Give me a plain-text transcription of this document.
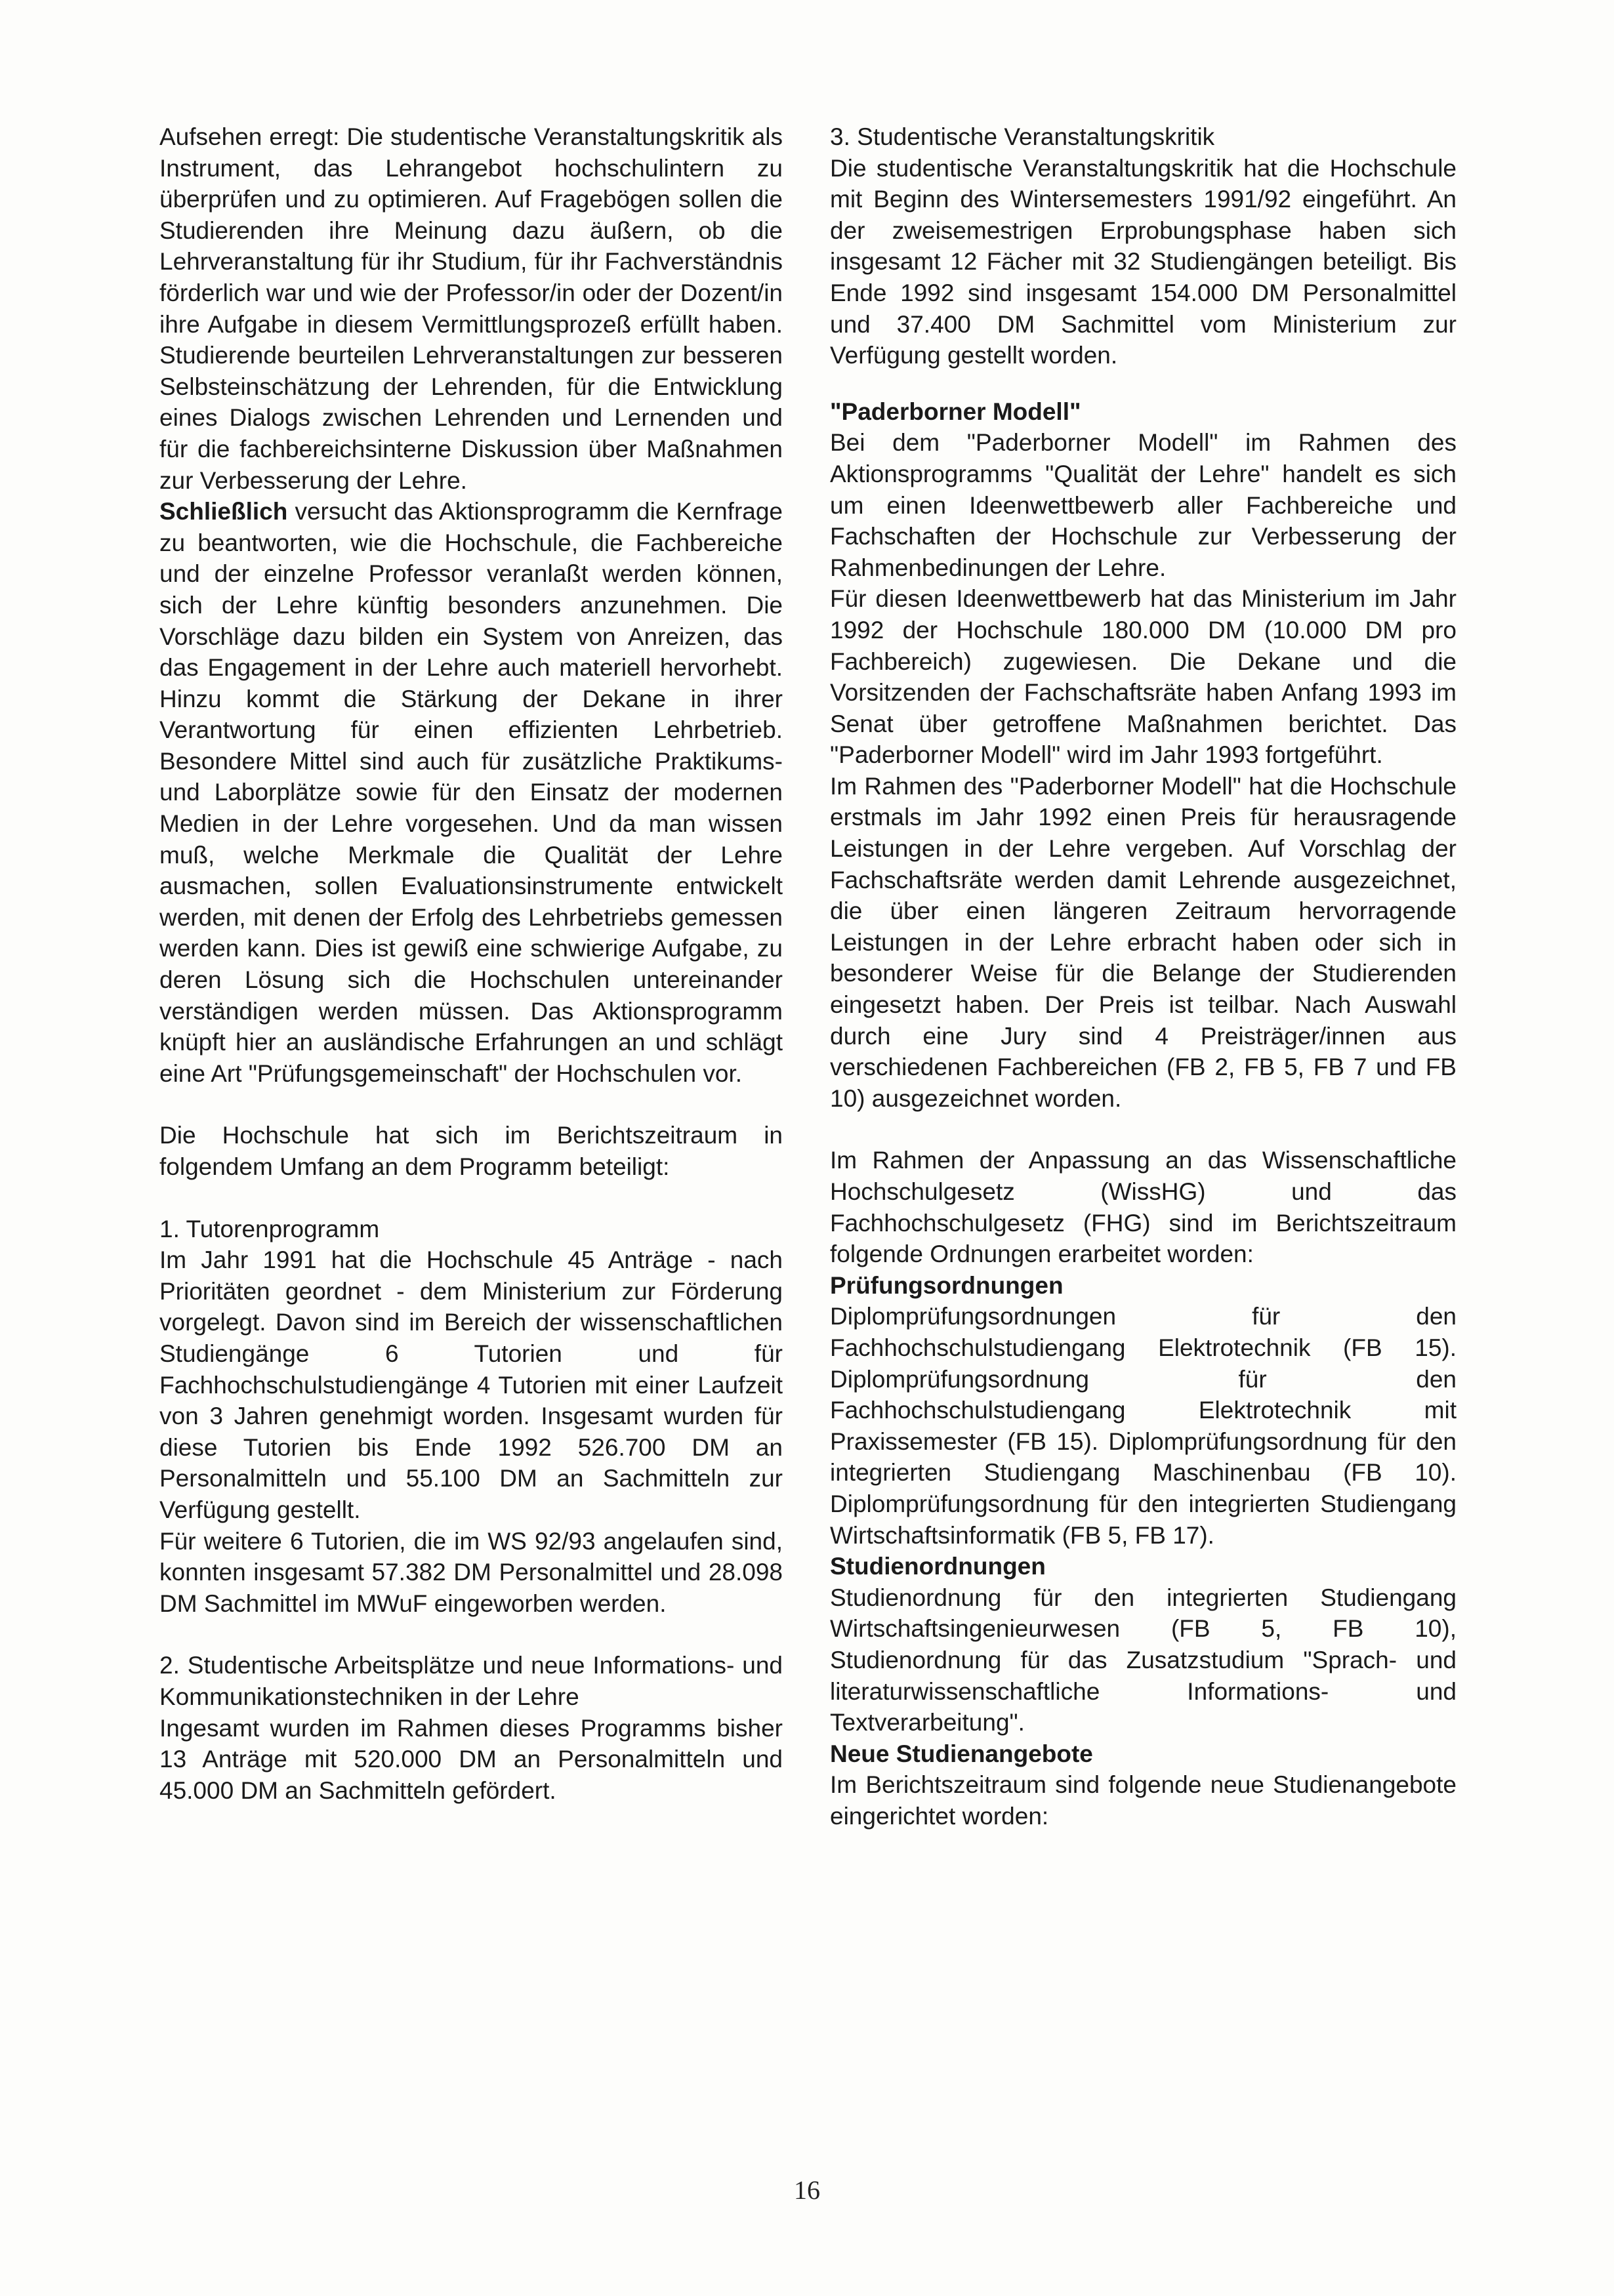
Aufsehen erregt: Die studentische Veranstaltungskritik als Instrument, das Lehrangebot hochschulintern zu überprüfen und zu optimieren. Auf Fragebögen sollen die Studierenden ihre Meinung dazu äußern, ob die Lehrveranstaltung für ihr Studium, für ihr Fachverständnis förderlich war und wie der Professor/in oder der Dozent/in ihre Aufgabe in diesem Vermittlungsprozeß erfüllt haben. Studierende beurteilen Lehrveranstaltungen zur besseren Selbsteinschätzung der Lehrenden, für die Entwicklung eines Dialogs zwischen Lehrenden und Lernenden und für die fachbereichsinterne Diskussion über Maßnahmen zur Verbesserung der Lehre.

Schließlich versucht das Aktionsprogramm die Kernfrage zu beantworten, wie die Hochschule, die Fachbereiche und der einzelne Professor veranlaßt werden können, sich der Lehre künftig besonders anzunehmen. Die Vorschläge dazu bilden ein System von Anreizen, das das Engagement in der Lehre auch materiell hervorhebt. Hinzu kommt die Stärkung der Dekane in ihrer Verantwortung für einen effizienten Lehrbetrieb. Besondere Mittel sind auch für zusätzliche Praktikums- und Laborplätze sowie für den Einsatz der modernen Medien in der Lehre vorgesehen. Und da man wissen muß, welche Merkmale die Qualität der Lehre ausmachen, sollen Evaluationsinstrumente entwickelt werden, mit denen der Erfolg des Lehrbetriebs gemessen werden kann. Dies ist gewiß eine schwierige Aufgabe, zu deren Lösung sich die Hochschulen untereinander verständigen werden müssen. Das Aktionsprogramm knüpft hier an ausländische Erfahrungen an und schlägt eine Art "Prüfungsgemeinschaft" der Hochschulen vor.

Die Hochschule hat sich im Berichtszeitraum in folgendem Umfang an dem Programm beteiligt:

1. Tutorenprogramm

Im Jahr 1991 hat die Hochschule 45 Anträge - nach Prioritäten geordnet - dem Ministerium zur Förderung vorgelegt. Davon sind im Bereich der wissenschaftlichen Studiengänge 6 Tutorien und für Fachhochschulstudiengänge 4 Tutorien mit einer Laufzeit von 3 Jahren genehmigt worden. Insgesamt wurden für diese Tutorien bis Ende 1992 526.700 DM an Personalmitteln und 55.100 DM an Sachmitteln zur Verfügung gestellt.

Für weitere 6 Tutorien, die im WS 92/93 angelaufen sind, konnten insgesamt 57.382 DM Personalmittel und 28.098 DM Sachmittel im MWuF eingeworben werden.

2. Studentische Arbeitsplätze und neue Informations- und Kommunikationstechniken in der Lehre

Ingesamt wurden im Rahmen dieses Programms bisher 13 Anträge mit 520.000 DM an Personalmitteln und 45.000 DM an Sachmitteln gefördert.

3. Studentische Veranstaltungskritik

Die studentische Veranstaltungskritik hat die Hochschule mit Beginn des Wintersemesters 1991/92 eingeführt. An der zweisemestrigen Erprobungsphase haben sich insgesamt 12 Fächer mit 32 Studiengängen beteiligt. Bis Ende 1992 sind insgesamt 154.000 DM Personalmittel und 37.400 DM Sachmittel vom Ministerium zur Verfügung gestellt worden.

"Paderborner Modell"

Bei dem "Paderborner Modell" im Rahmen des Aktionsprogramms "Qualität der Lehre" handelt es sich um einen Ideenwettbewerb aller Fachbereiche und Fachschaften der Hochschule zur Verbesserung der Rahmenbedinungen der Lehre.

Für diesen Ideenwettbewerb hat das Ministerium im Jahr 1992 der Hochschule 180.000 DM (10.000 DM pro Fachbereich) zugewiesen. Die Dekane und die Vorsitzenden der Fachschaftsräte haben Anfang 1993 im Senat über getroffene Maßnahmen berichtet. Das "Paderborner Modell" wird im Jahr 1993 fortgeführt.

Im Rahmen des "Paderborner Modell" hat die Hochschule erstmals im Jahr 1992 einen Preis für herausragende Leistungen in der Lehre vergeben. Auf Vorschlag der Fachschaftsräte werden damit Lehrende ausgezeichnet, die über einen längeren Zeitraum hervorragende Leistungen in der Lehre erbracht haben oder sich in besonderer Weise für die Belange der Studierenden eingesetzt haben. Der Preis ist teilbar. Nach Auswahl durch eine Jury sind 4 Preisträger/innen aus verschiedenen Fachbereichen (FB 2, FB 5, FB 7 und FB 10) ausgezeichnet worden.

Im Rahmen der Anpassung an das Wissenschaftliche Hochschulgesetz (WissHG) und das Fachhochschulgesetz (FHG) sind im Berichtszeitraum folgende Ordnungen erarbeitet worden:

Prüfungsordnungen

Diplomprüfungsordnungen für den Fachhochschulstudiengang Elektrotechnik (FB 15). Diplomprüfungsordnung für den Fachhochschulstudiengang Elektrotechnik mit Praxissemester (FB 15). Diplomprüfungsordnung für den integrierten Studiengang Maschinenbau (FB 10). Diplomprüfungsordnung für den integrierten Studiengang Wirtschaftsinformatik (FB 5, FB 17).

Studienordnungen

Studienordnung für den integrierten Studiengang Wirtschaftsingenieurwesen (FB 5, FB 10), Studienordnung für das Zusatzstudium "Sprach- und literaturwissenschaftliche Informations- und Textverarbeitung".

Neue Studienangebote

Im Berichtszeitraum sind folgende neue Studienangebote eingerichtet worden:

16
